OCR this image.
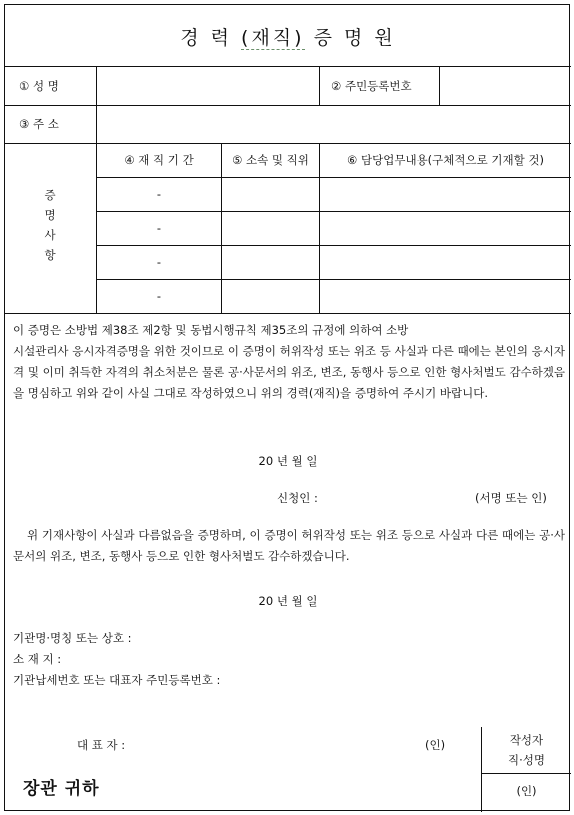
경 력 (재직) 증 명 원
① 성 명	② 주민등록번호
③ 주 소
증
명
사
항
④ 재 직 기 간	⑤ 소속 및 직위	⑥ 담당업무내용(구체적으로 기재할 것)
-
-
-
-
이 증명은 소방법 제38조 제2항 및 동법시행규칙 제35조의 규정에 의하여 소방
시설관리사 응시자격증명을 위한 것이므로 이 증명이 허위작성 또는 위조 등 사실과 다른 때에는 본인의 응시자격 및 이미 취득한 자격의 취소처분은 물론 공·사문서의 위조, 변조, 동행사 등으로 인한 형사처벌도 감수하겠음을 명심하고 위와 같이 사실 그대로 작성하였으니 위의 경력(재직)을 증명하여 주시기 바랍니다.
20 년 월 일
신청인 :	(서명 또는 인)
위 기재사항이 사실과 다름없음을 증명하며, 이 증명이 허위작성 또는 위조 등으로 사실과 다른 때에는 공·사문서의 위조, 변조, 동행사 등으로 인한 형사처벌도 감수하겠습니다.
20 년 월 일
기관명·명칭 또는 상호 :
소 재 지 :
기관납세번호 또는 대표자 주민등록번호 :
대 표 자 :	(인)	작성자
직·성명
(인)
장관 귀하
